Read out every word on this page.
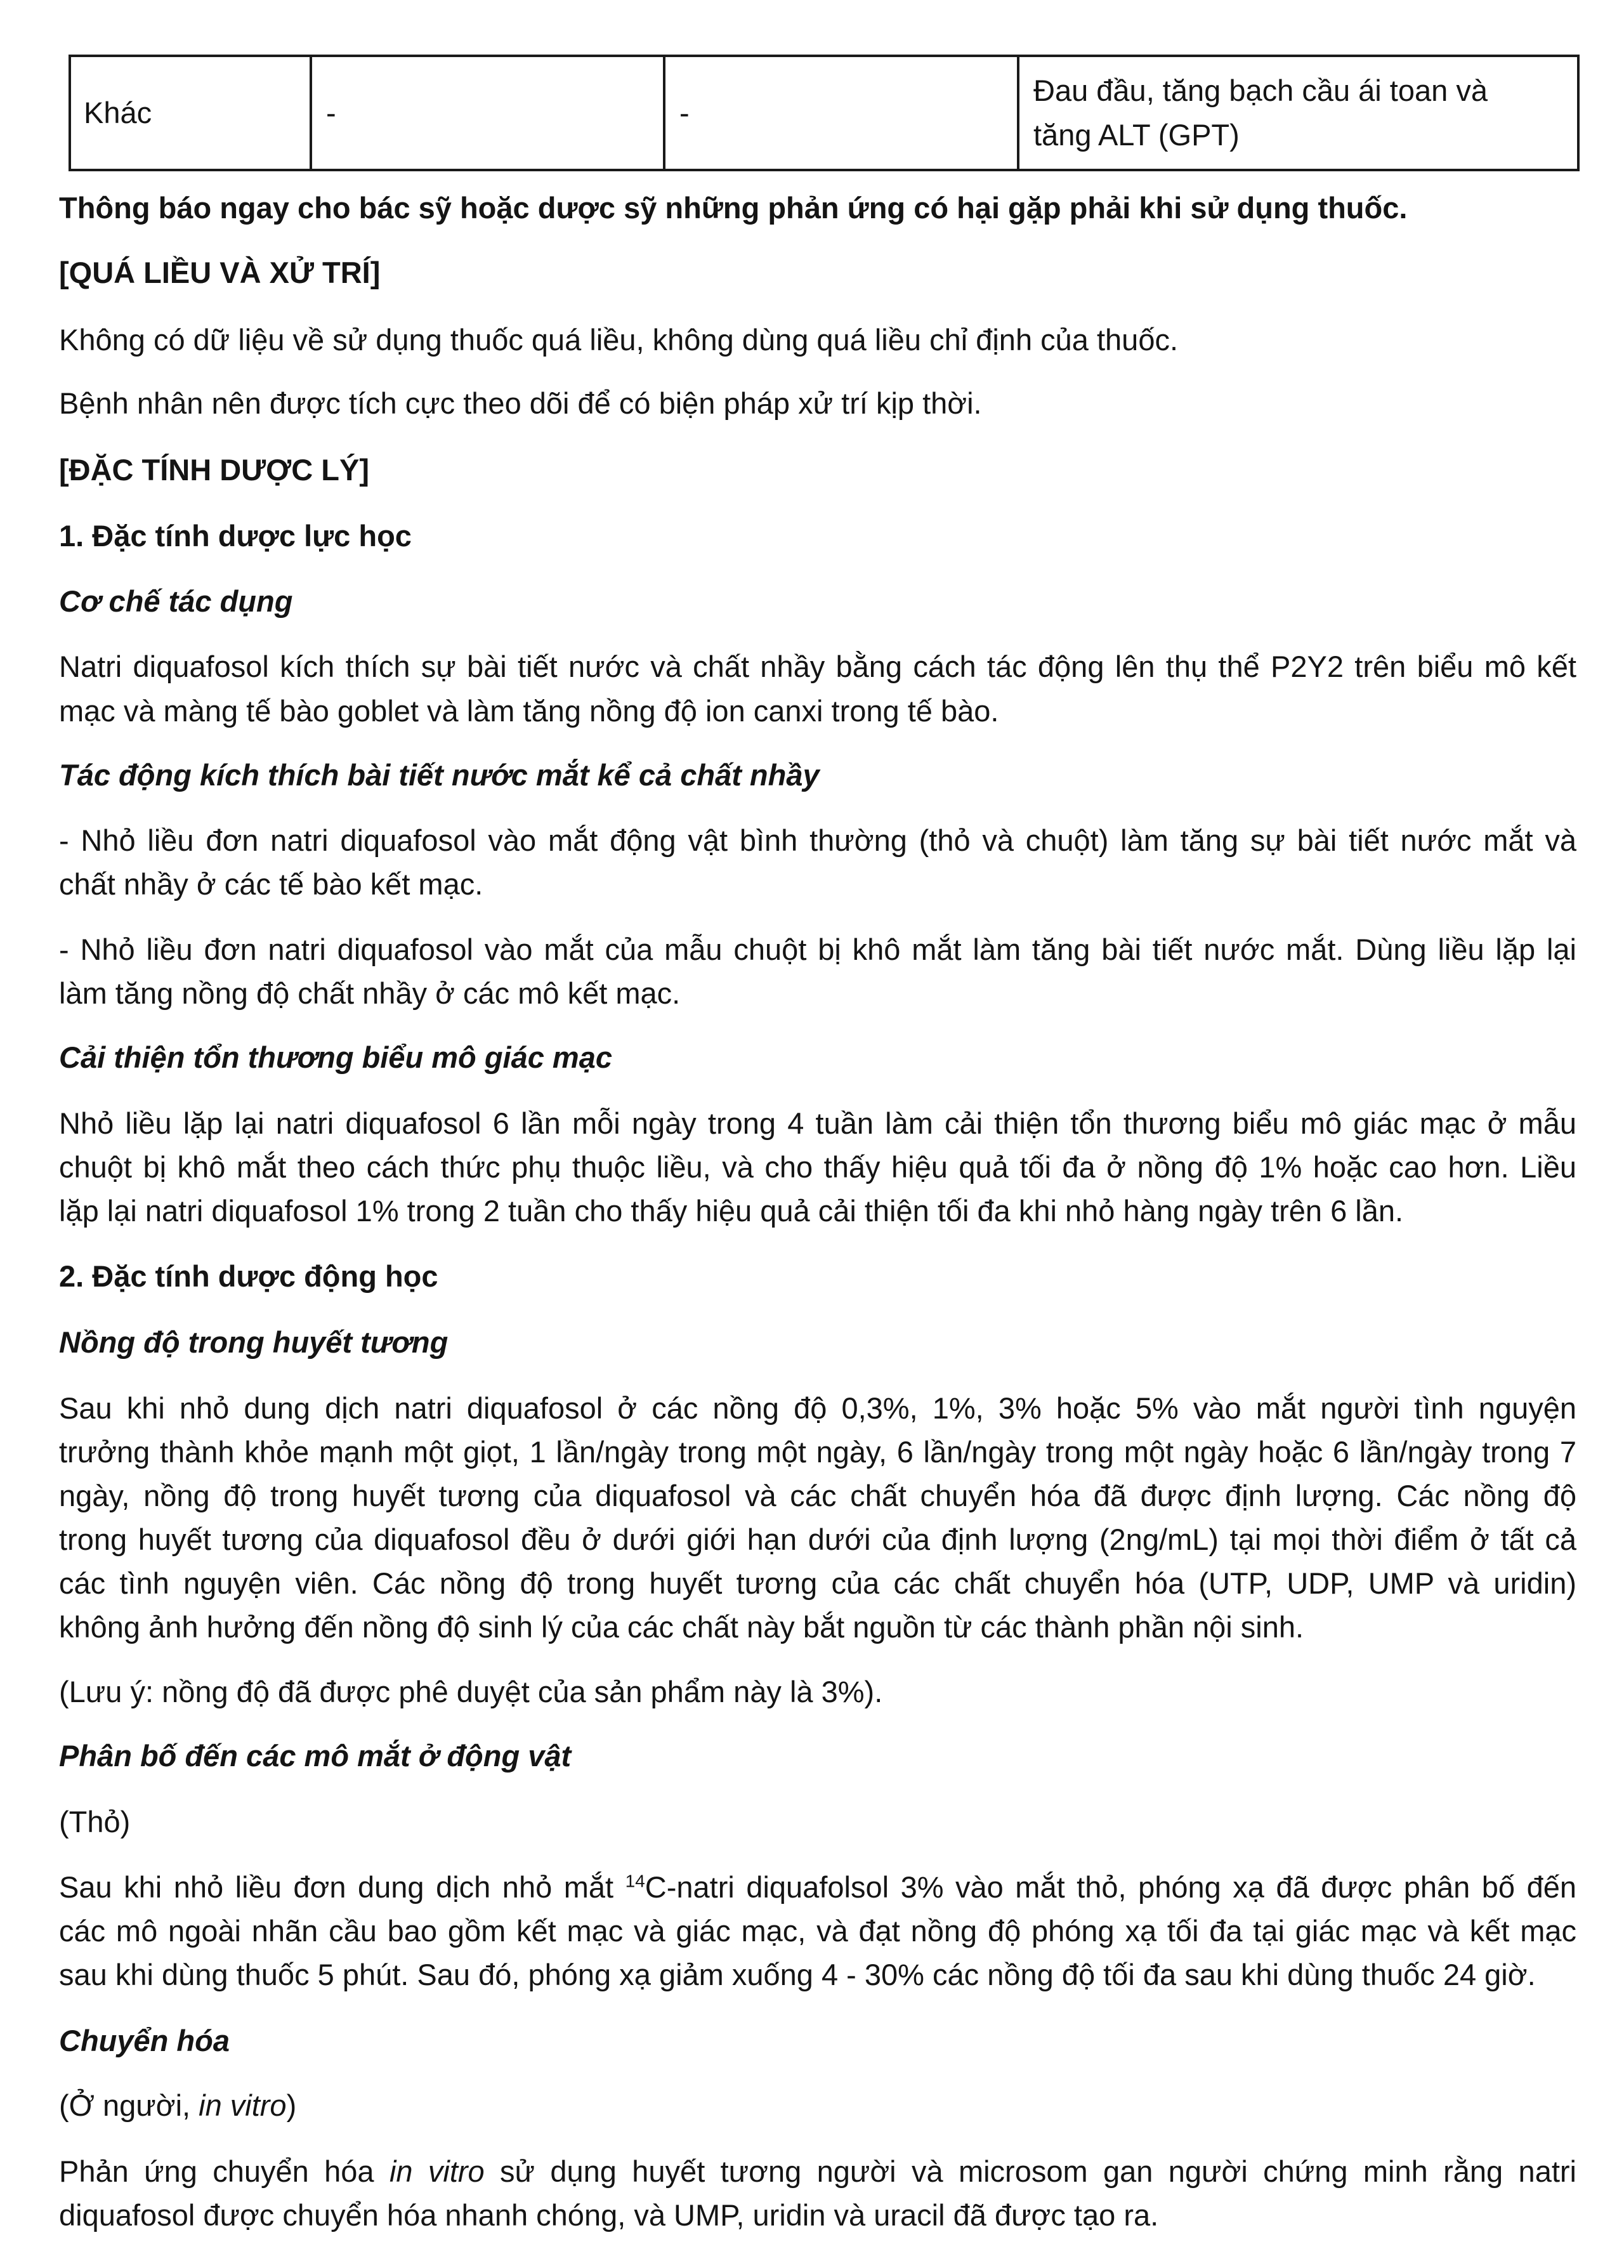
Khác	-	-	Đau đầu, tăng bạch cầu ái toan và
tăng ALT (GPT)

Thông báo ngay cho bác sỹ hoặc dược sỹ những phản ứng có hại gặp phải khi sử dụng thuốc.

[QUÁ LIỀU VÀ XỬ TRÍ]

Không có dữ liệu về sử dụng thuốc quá liều, không dùng quá liều chỉ định của thuốc.

Bệnh nhân nên được tích cực theo dõi để có biện pháp xử trí kịp thời.

[ĐẶC TÍNH DƯỢC LÝ]

1. Đặc tính dược lực học

Cơ chế tác dụng

Natri diquafosol kích thích sự bài tiết nước và chất nhầy bằng cách tác động lên thụ thể P2Y2 trên biểu mô kết

mạc và màng tế bào goblet và làm tăng nồng độ ion canxi trong tế bào.

Tác động kích thích bài tiết nước mắt kể cả chất nhầy

- Nhỏ liều đơn natri diquafosol vào mắt động vật bình thường (thỏ và chuột) làm tăng sự bài tiết nước mắt và

chất nhầy ở các tế bào kết mạc.

- Nhỏ liều đơn natri diquafosol vào mắt của mẫu chuột bị khô mắt làm tăng bài tiết nước mắt. Dùng liều lặp lại

làm tăng nồng độ chất nhầy ở các mô kết mạc.

Cải thiện tổn thương biểu mô giác mạc

Nhỏ liều lặp lại natri diquafosol 6 lần mỗi ngày trong 4 tuần làm cải thiện tổn thương biểu mô giác mạc ở mẫu

chuột bị khô mắt theo cách thức phụ thuộc liều, và cho thấy hiệu quả tối đa ở nồng độ 1% hoặc cao hơn. Liều

lặp lại natri diquafosol 1% trong 2 tuần cho thấy hiệu quả cải thiện tối đa khi nhỏ hàng ngày trên 6 lần.

2. Đặc tính dược động học

Nồng độ trong huyết tương

Sau khi nhỏ dung dịch natri diquafosol ở các nồng độ 0,3%, 1%, 3% hoặc 5% vào mắt người tình nguyện

trưởng thành khỏe mạnh một giọt, 1 lần/ngày trong một ngày, 6 lần/ngày trong một ngày hoặc 6 lần/ngày trong 7

ngày, nồng độ trong huyết tương của diquafosol và các chất chuyển hóa đã được định lượng. Các nồng độ

trong huyết tương của diquafosol đều ở dưới giới hạn dưới của định lượng (2ng/mL) tại mọi thời điểm ở tất cả

các tình nguyện viên. Các nồng độ trong huyết tương của các chất chuyển hóa (UTP, UDP, UMP và uridin)

không ảnh hưởng đến nồng độ sinh lý của các chất này bắt nguồn từ các thành phần nội sinh.

(Lưu ý: nồng độ đã được phê duyệt của sản phẩm này là 3%).

Phân bố đến các mô mắt ở động vật

(Thỏ)

Sau khi nhỏ liều đơn dung dịch nhỏ mắt $^{14}$C-natri diquafolsol 3% vào mắt thỏ, phóng xạ đã được phân bố đến

các mô ngoài nhãn cầu bao gồm kết mạc và giác mạc, và đạt nồng độ phóng xạ tối đa tại giác mạc và kết mạc

sau khi dùng thuốc 5 phút. Sau đó, phóng xạ giảm xuống 4 - 30% các nồng độ tối đa sau khi dùng thuốc 24 giờ.

Chuyển hóa

(Ở người, in vitro)

Phản ứng chuyển hóa in vitro sử dụng huyết tương người và microsom gan người chứng minh rằng natri

diquafosol được chuyển hóa nhanh chóng, và UMP, uridin và uracil đã được tạo ra.
